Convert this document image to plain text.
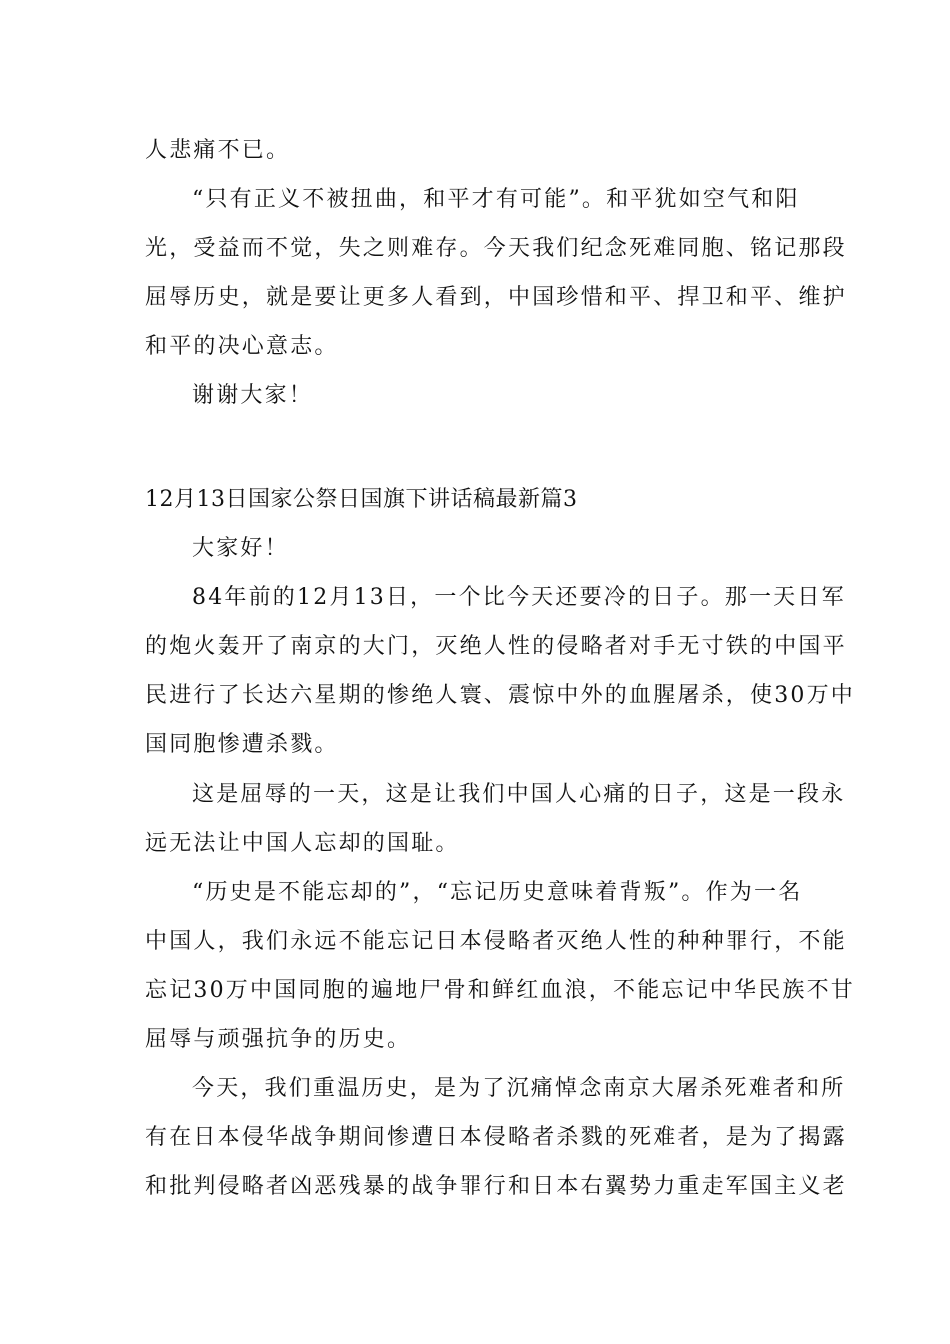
人悲痛不已。
“只有正义不被扭曲，和平才有可能”。和平犹如空气和阳
光，受益而不觉，失之则难存。今天我们纪念死难同胞、铭记那段
屈辱历史，就是要让更多人看到，中国珍惜和平、捍卫和平、维护
和平的决心意志。
谢谢大家！
12月13日国家公祭日国旗下讲话稿最新篇3
大家好！
84年前的12月13日，一个比今天还要冷的日子。那一天日军
的炮火轰开了南京的大门，灭绝人性的侵略者对手无寸铁的中国平
民进行了长达六星期的惨绝人寰、震惊中外的血腥屠杀，使30万中
国同胞惨遭杀戮。
这是屈辱的一天，这是让我们中国人心痛的日子，这是一段永
远无法让中国人忘却的国耻。
“历史是不能忘却的”，“忘记历史意味着背叛”。作为一名
中国人，我们永远不能忘记日本侵略者灭绝人性的种种罪行，不能
忘记30万中国同胞的遍地尸骨和鲜红血浪，不能忘记中华民族不甘
屈辱与顽强抗争的历史。
今天，我们重温历史，是为了沉痛悼念南京大屠杀死难者和所
有在日本侵华战争期间惨遭日本侵略者杀戮的死难者，是为了揭露
和批判侵略者凶恶残暴的战争罪行和日本右翼势力重走军国主义老
